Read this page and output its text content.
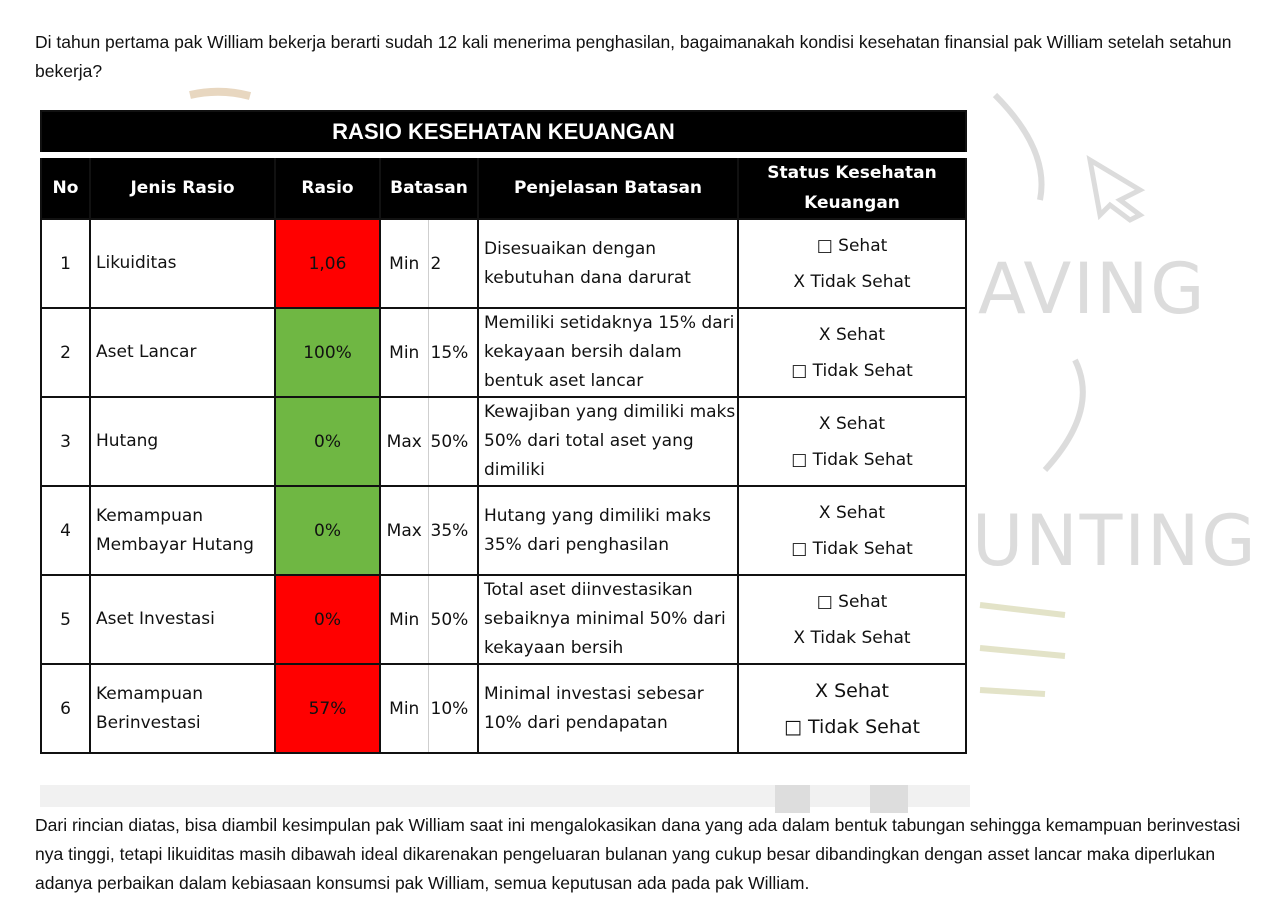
AVING
UNTING
Di tahun pertama pak William bekerja berarti sudah 12 kali menerima penghasilan, bagaimanakah kondisi kesehatan finansial pak William setelah setahun bekerja?
RASIO KESEHATAN KEUANGAN						
No	Jenis Rasio	Rasio	Batasan		Penjelasan Batasan	Status Kesehatan
Keuangan

1	Likuiditas	1,06	Min	2	Disesuaikan dengan kebutuhan dana darurat	□ Sehat
X Tidak Sehat

2	Aset Lancar	100%	Min	15%	Memiliki setidaknya 15% dari kekayaan bersih dalam bentuk aset lancar	X Sehat
□ Tidak Sehat

3	Hutang	0%	Max	50%	Kewajiban yang dimiliki maks 50% dari total aset yang dimiliki	X Sehat
□ Tidak Sehat

4	Kemampuan Membayar Hutang	0%	Max	35%	Hutang yang dimiliki maks 35% dari penghasilan	X Sehat
□ Tidak Sehat

5	Aset Investasi	0%	Min	50%	Total aset diinvestasikan sebaiknya minimal 50% dari kekayaan bersih	□ Sehat
X Tidak Sehat

6	Kemampuan Berinvestasi	57%	Min	10%	Minimal investasi sebesar 10% dari pendapatan	X Sehat
□ Tidak Sehat
Dari rincian diatas, bisa diambil kesimpulan pak William saat ini mengalokasikan dana yang ada dalam bentuk tabungan sehingga kemampuan berinvestasi nya tinggi, tetapi likuiditas masih dibawah ideal dikarenakan pengeluaran bulanan yang cukup besar dibandingkan dengan asset lancar maka diperlukan adanya perbaikan dalam kebiasaan konsumsi pak William, semua keputusan ada pada pak William.
